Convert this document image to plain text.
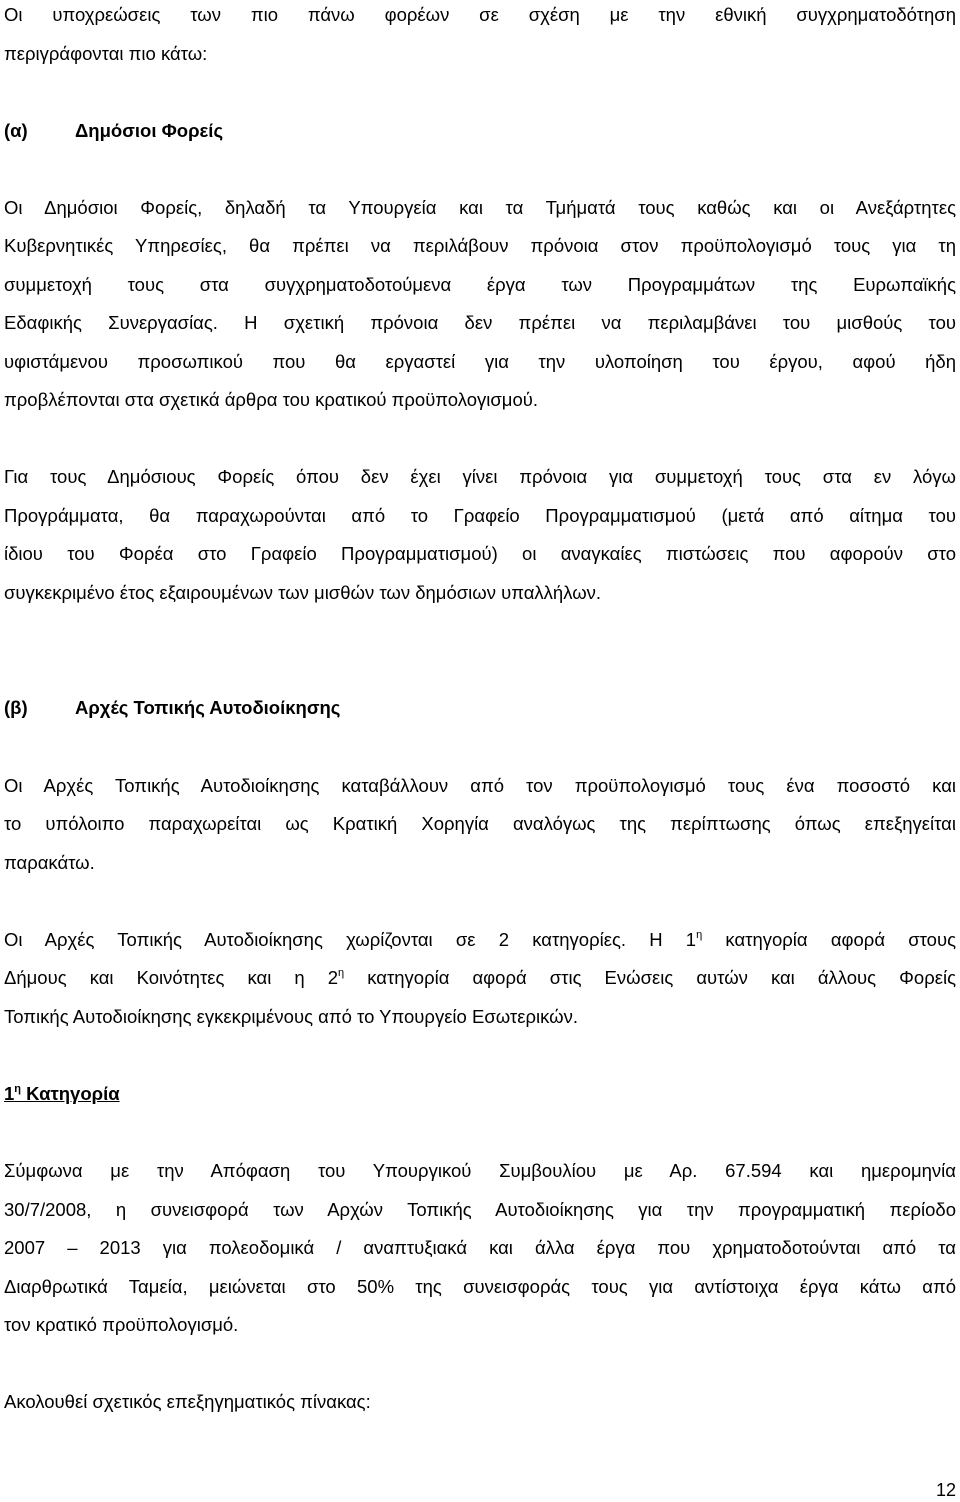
Οι υποχρεώσεις των πιο πάνω φορέων σε σχέση με την εθνική συγχρηματοδότηση
περιγράφονται πιο κάτω:
(α)	Δημόσιοι Φορείς
Οι Δημόσιοι Φορείς, δηλαδή τα Υπουργεία και τα Τμήματά τους καθώς και οι Ανεξάρτητες
Κυβερνητικές Υπηρεσίες, θα πρέπει να περιλάβουν πρόνοια στον προϋπολογισμό τους για τη
συμμετοχή τους στα συγχρηματοδοτούμενα έργα των Προγραμμάτων της Ευρωπαϊκής
Εδαφικής Συνεργασίας. Η σχετική πρόνοια δεν πρέπει να περιλαμβάνει του μισθούς του
υφιστάμενου προσωπικού που θα εργαστεί για την υλοποίηση του έργου, αφού ήδη
προβλέπονται στα σχετικά άρθρα του κρατικού προϋπολογισμού.
Για τους Δημόσιους Φορείς όπου δεν έχει γίνει πρόνοια για συμμετοχή τους στα εν λόγω
Προγράμματα, θα παραχωρούνται από το Γραφείο Προγραμματισμού (μετά από αίτημα του
ίδιου του Φορέα στο Γραφείο Προγραμματισμού) οι αναγκαίες πιστώσεις που αφορούν στο
συγκεκριμένο έτος εξαιρουμένων των μισθών των δημόσιων υπαλλήλων.
(β)	Αρχές Τοπικής Αυτοδιοίκησης
Οι Αρχές Τοπικής Αυτοδιοίκησης καταβάλλουν από τον προϋπολογισμό τους ένα ποσοστό και
το υπόλοιπο παραχωρείται ως Κρατική Χορηγία αναλόγως της περίπτωσης όπως επεξηγείται
παρακάτω.
Οι Αρχές Τοπικής Αυτοδιοίκησης χωρίζονται σε 2 κατηγορίες. Η $1^\eta$ κατηγορία αφορά στους
Δήμους και Κοινότητες και η $2^\eta$ κατηγορία αφορά στις Ενώσεις αυτών και άλλους Φορείς
Τοπικής Αυτοδιοίκησης εγκεκριμένους από το Υπουργείο Εσωτερικών.
$1^\eta$ Κατηγορία
Σύμφωνα με την Απόφαση του Υπουργικού Συμβουλίου με Αρ. 67.594 και ημερομηνία
30/7/2008, η συνεισφορά των Αρχών Τοπικής Αυτοδιοίκησης για την προγραμματική περίοδο
2007 – 2013 για πολεοδομικά / αναπτυξιακά και άλλα έργα που χρηματοδοτούνται από τα
Διαρθρωτικά Ταμεία, μειώνεται στο 50% της συνεισφοράς τους για αντίστοιχα έργα κάτω από
τον κρατικό προϋπολογισμό.
Ακολουθεί σχετικός επεξηγηματικός πίνακας:
12
